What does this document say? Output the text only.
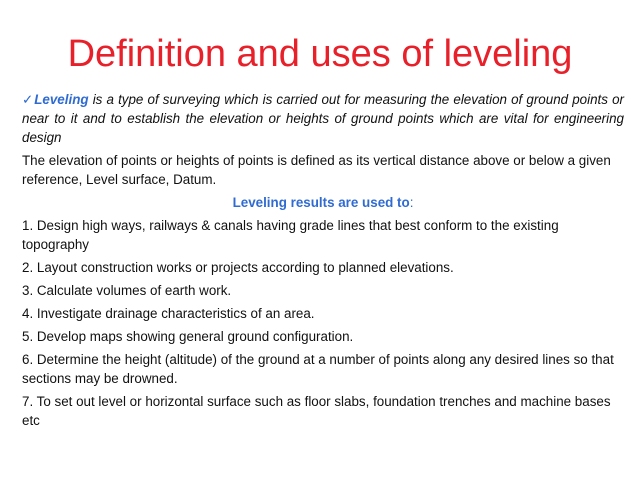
Definition and uses of leveling

✓Leveling is a type of surveying which is carried out for measuring the elevation of ground points or near to it and to establish the elevation or heights of ground points which are vital for engineering design

The elevation of points or heights of points is defined as its vertical distance above or below a given reference, Level surface, Datum.

Leveling results are used to:

1. Design high ways, railways & canals having grade lines that best conform to the existing topography

2. Layout construction works or projects according to planned elevations.

3. Calculate volumes of earth work.

4. Investigate drainage characteristics of an area.

5. Develop maps showing general ground configuration.

6. Determine the height (altitude) of the ground at a number of points along any desired lines so that sections may be drowned.

7. To set out level or horizontal surface such as floor slabs, foundation trenches and machine bases etc
